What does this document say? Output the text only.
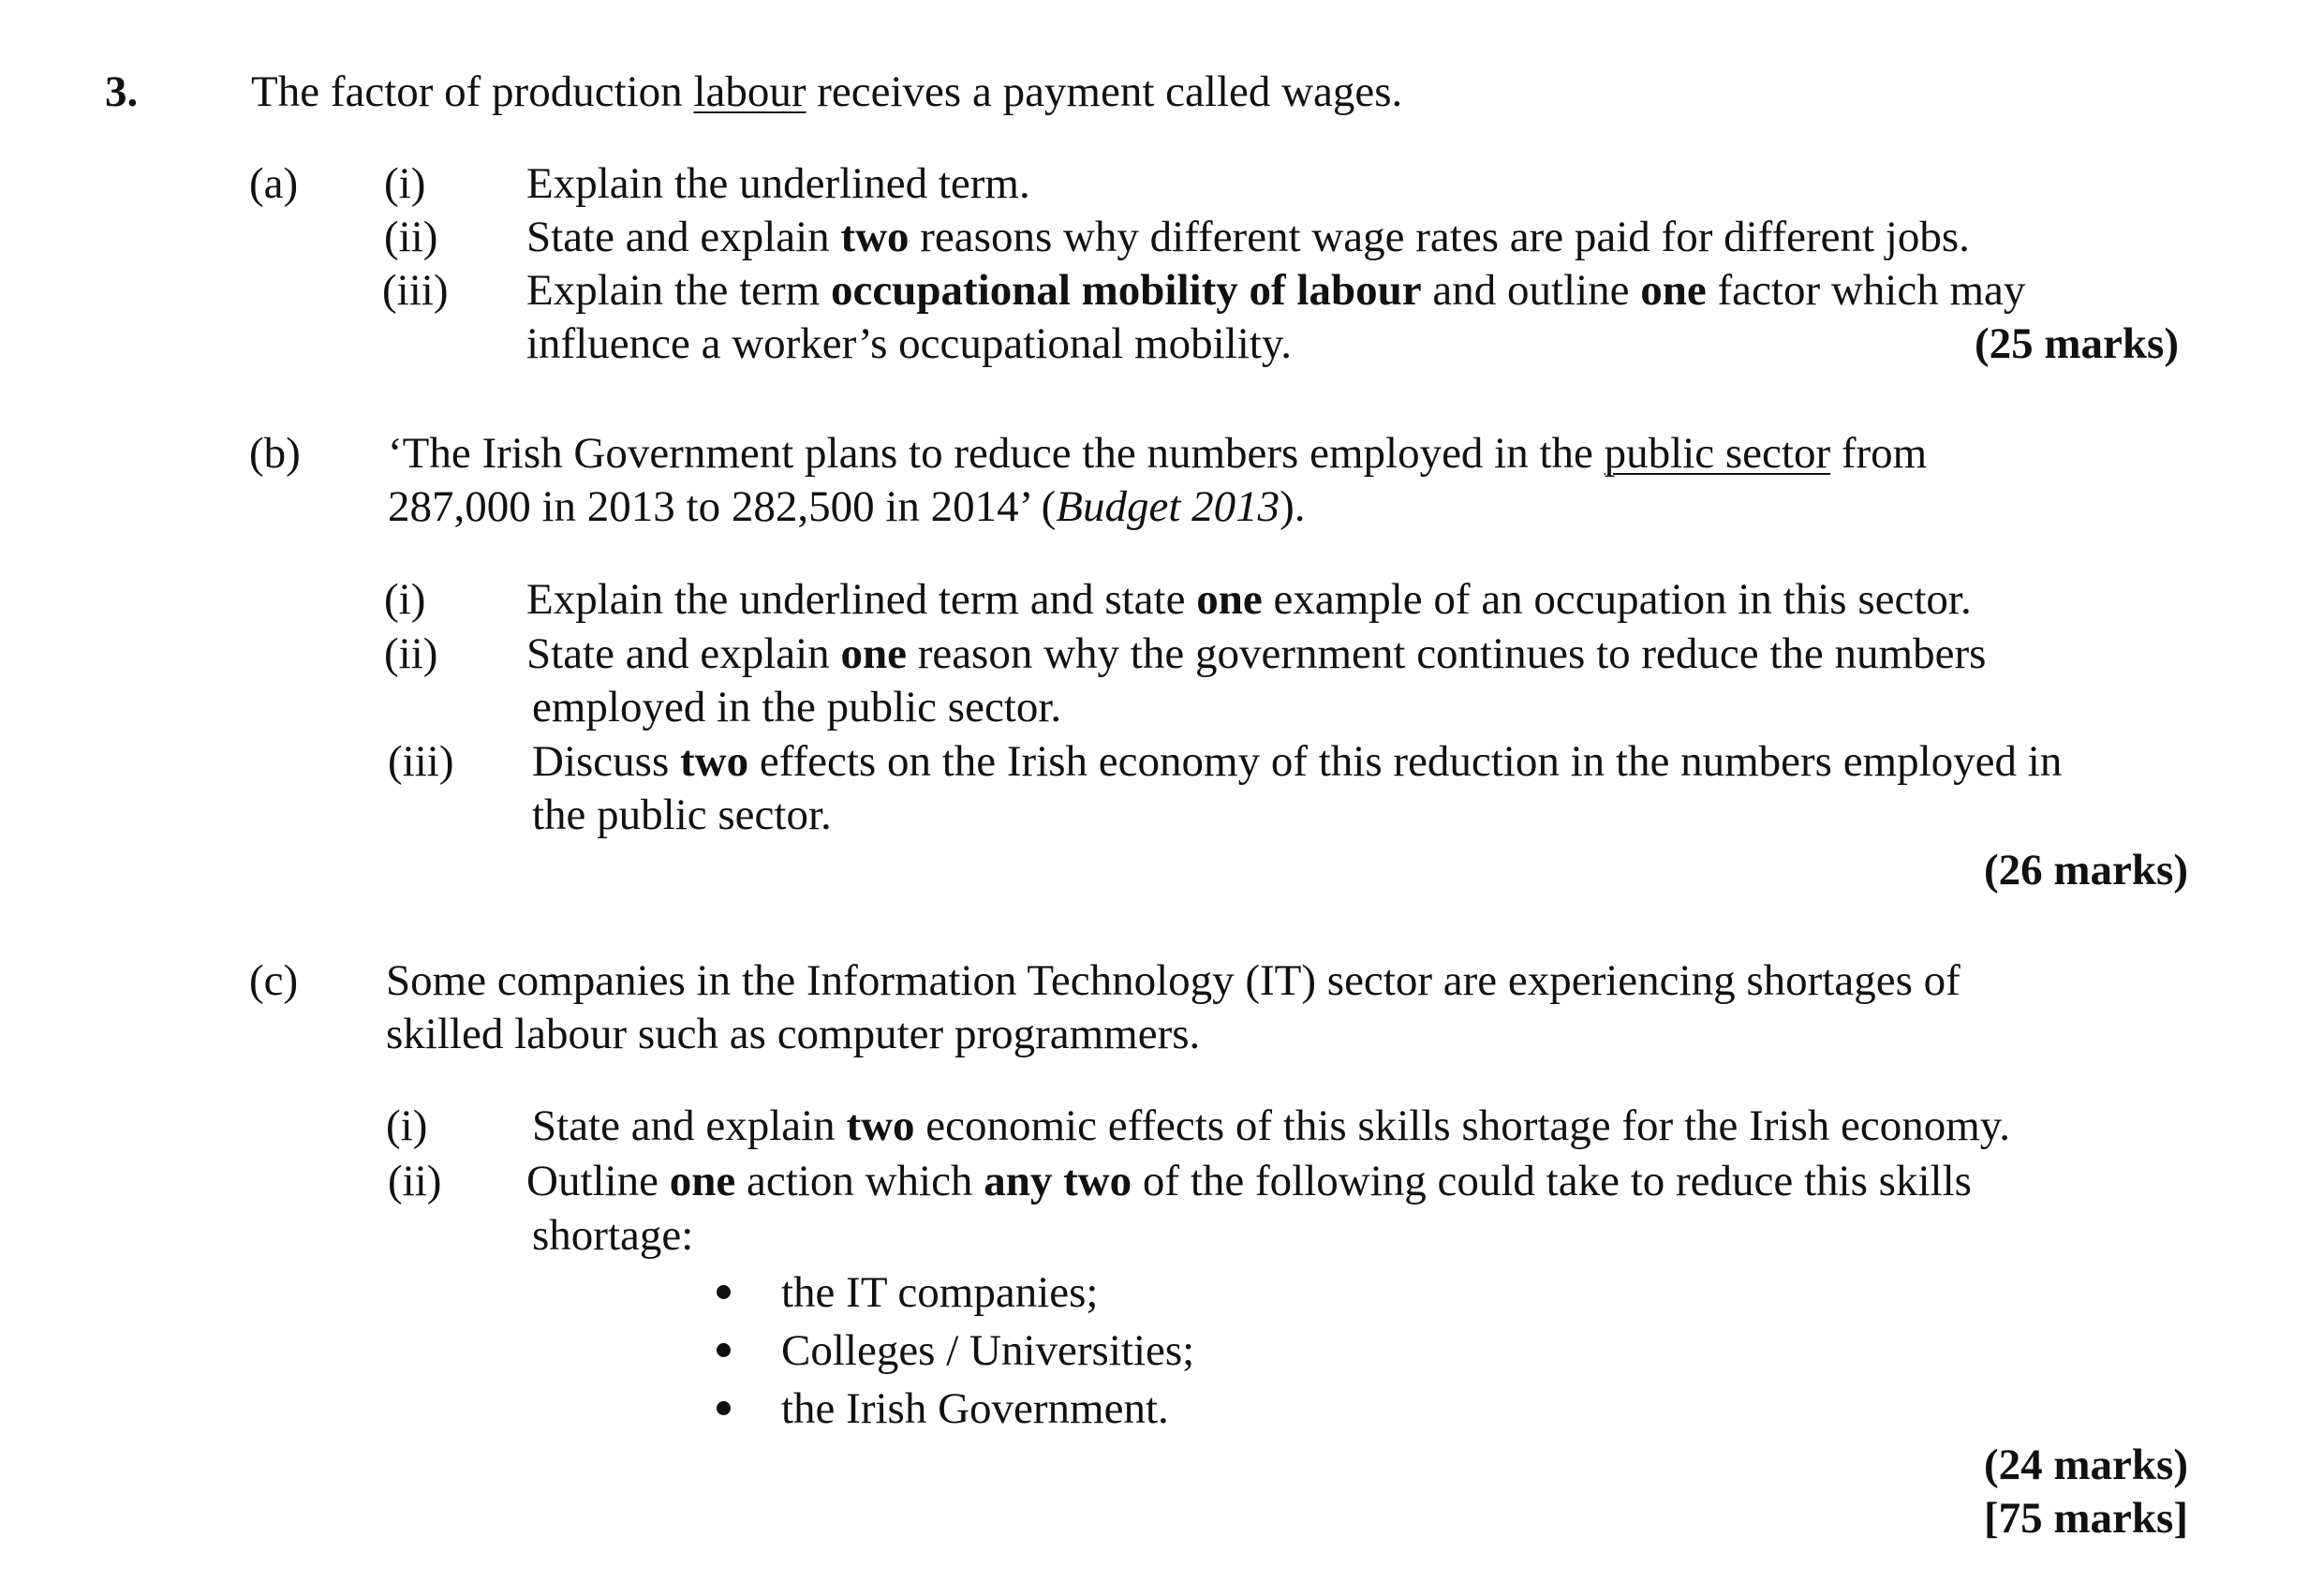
3.	The factor of production labour receives a payment called wages.
(a) (i) Explain the underlined term.
(ii) State and explain two reasons why different wage rates are paid for different jobs.
(iii) Explain the term occupational mobility of labour and outline one factor which may
influence a worker’s occupational mobility.	(25 marks)
(b) ‘The Irish Government plans to reduce the numbers employed in the public sector from
287,000 in 2013 to 282,500 in 2014’ (Budget 2013).
(i) Explain the underlined term and state one example of an occupation in this sector.
(ii) State and explain one reason why the government continues to reduce the numbers
employed in the public sector.
(iii) Discuss two effects on the Irish economy of this reduction in the numbers employed in
the public sector.
(26 marks)
(c) Some companies in the Information Technology (IT) sector are experiencing shortages of
skilled labour such as computer programmers.
(i) State and explain two economic effects of this skills shortage for the Irish economy.
(ii) Outline one action which any two of the following could take to reduce this skills
shortage:
the IT companies;
Colleges / Universities;
the Irish Government.
(24 marks)
[75 marks]
